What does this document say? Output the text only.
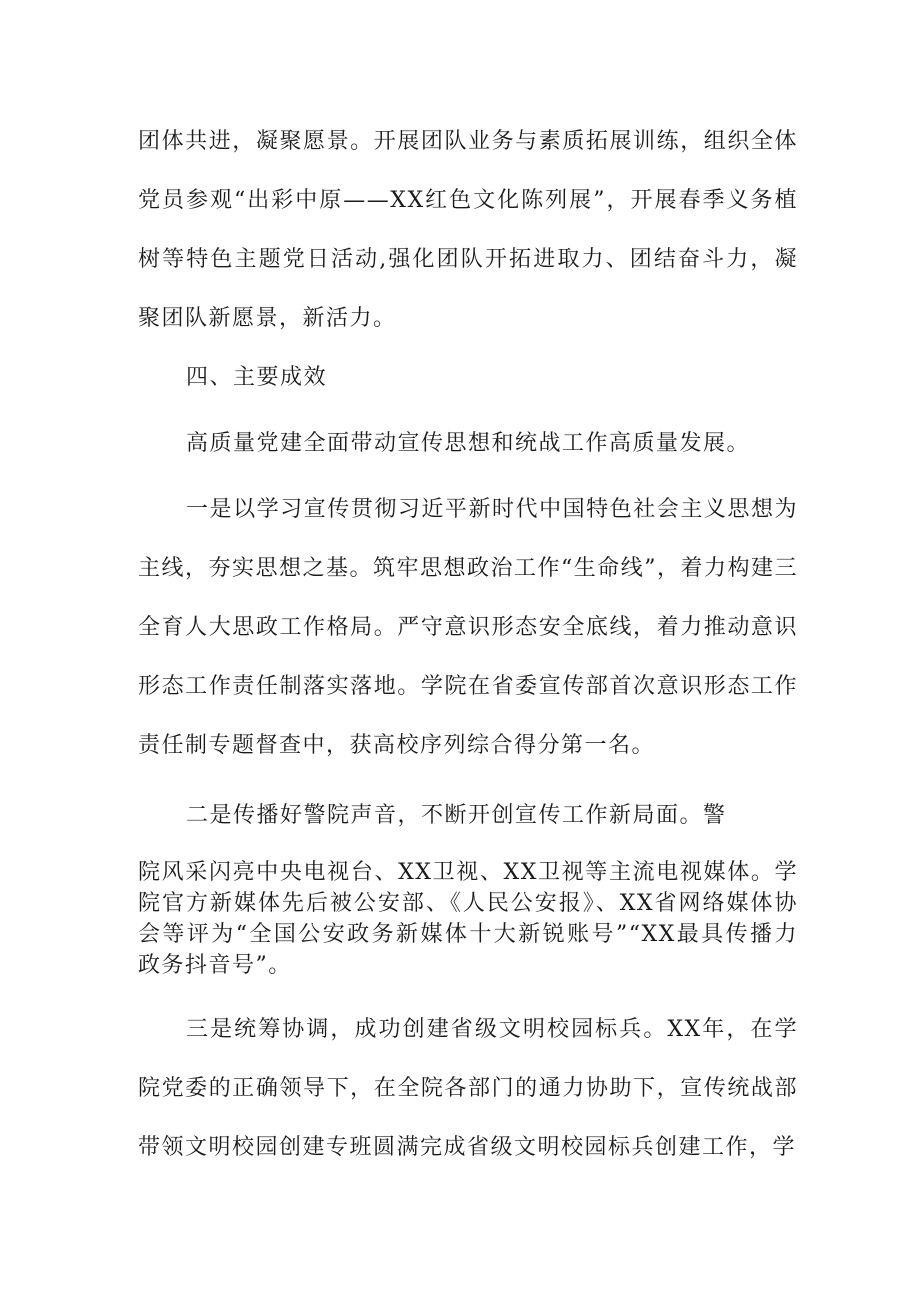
团体共进，凝聚愿景。开展团队业务与素质拓展训练，组织全体党员参观“出彩中原——XX红色文化陈列展”，开展春季义务植树等特色主题党日活动,强化团队开拓进取力、团结奋斗力，凝聚团队新愿景，新活力。

四、主要成效

高质量党建全面带动宣传思想和统战工作高质量发展。

一是以学习宣传贯彻习近平新时代中国特色社会主义思想为主线，夯实思想之基。筑牢思想政治工作“生命线”，着力构建三全育人大思政工作格局。严守意识形态安全底线，着力推动意识形态工作责任制落实落地。学院在省委宣传部首次意识形态工作责任制专题督查中，获高校序列综合得分第一名。

二是传播好警院声音，不断开创宣传工作新局面。警

院风采闪亮中央电视台、XX卫视、XX卫视等主流电视媒体。学院官方新媒体先后被公安部、《人民公安报》、XX省网络媒体协会等评为“全国公安政务新媒体十大新锐账号”“XX最具传播力政务抖音号”。

三是统筹协调，成功创建省级文明校园标兵。XX年，在学院党委的正确领导下，在全院各部门的通力协助下，宣传统战部带领文明校园创建专班圆满完成省级文明校园标兵创建工作，学
